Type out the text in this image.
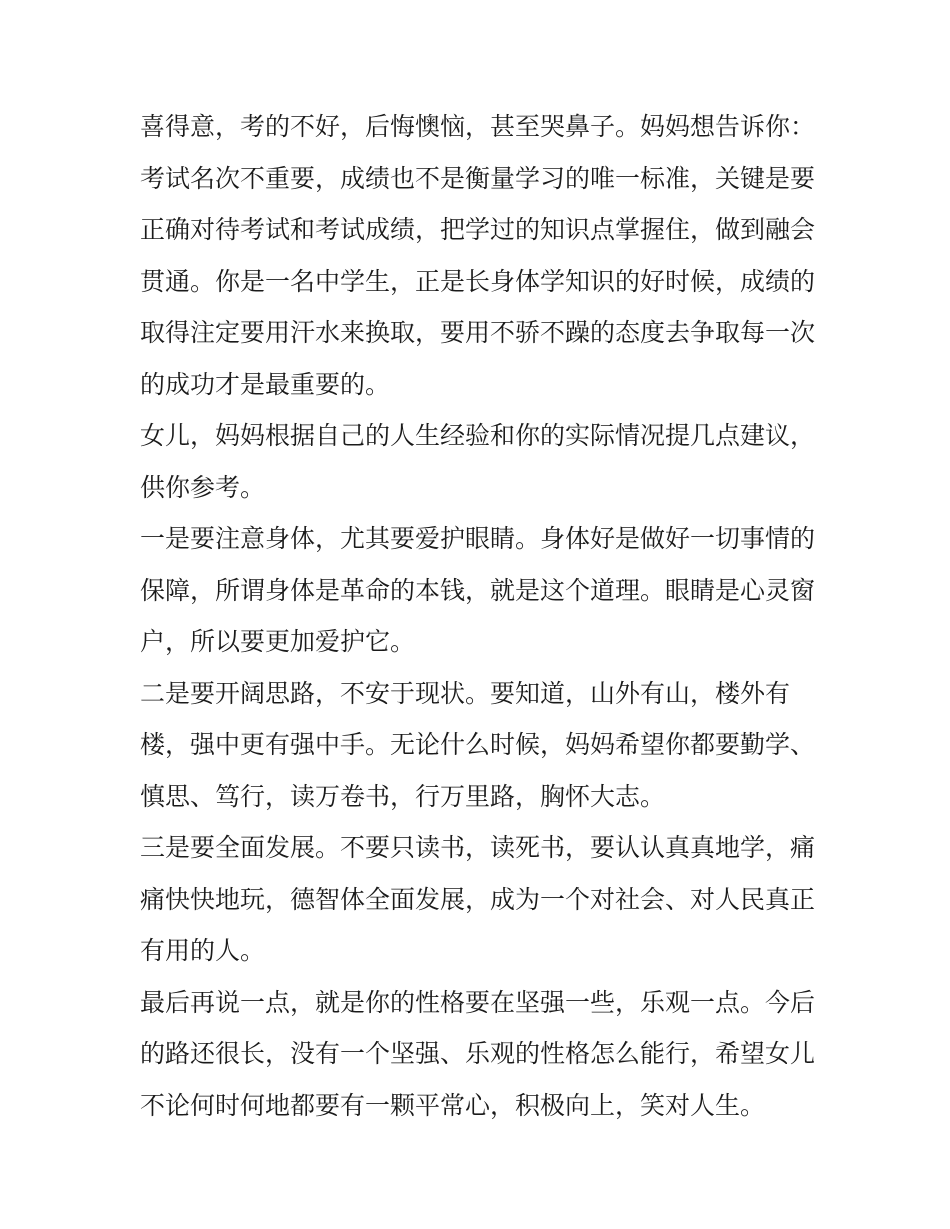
喜得意，考的不好，后悔懊恼，甚至哭鼻子。妈妈想告诉你：
考试名次不重要，成绩也不是衡量学习的唯一标准，关键是要
正确对待考试和考试成绩，把学过的知识点掌握住，做到融会
贯通。你是一名中学生，正是长身体学知识的好时候，成绩的
取得注定要用汗水来换取，要用不骄不躁的态度去争取每一次
的成功才是最重要的。
女儿，妈妈根据自己的人生经验和你的实际情况提几点建议，
供你参考。
一是要注意身体，尤其要爱护眼睛。身体好是做好一切事情的
保障，所谓身体是革命的本钱，就是这个道理。眼睛是心灵窗
户，所以要更加爱护它。
二是要开阔思路，不安于现状。要知道，山外有山，楼外有
楼，强中更有强中手。无论什么时候，妈妈希望你都要勤学、
慎思、笃行，读万卷书，行万里路，胸怀大志。
三是要全面发展。不要只读书，读死书，要认认真真地学，痛
痛快快地玩，德智体全面发展，成为一个对社会、对人民真正
有用的人。
最后再说一点，就是你的性格要在坚强一些，乐观一点。今后
的路还很长，没有一个坚强、乐观的性格怎么能行，希望女儿
不论何时何地都要有一颗平常心，积极向上，笑对人生。
